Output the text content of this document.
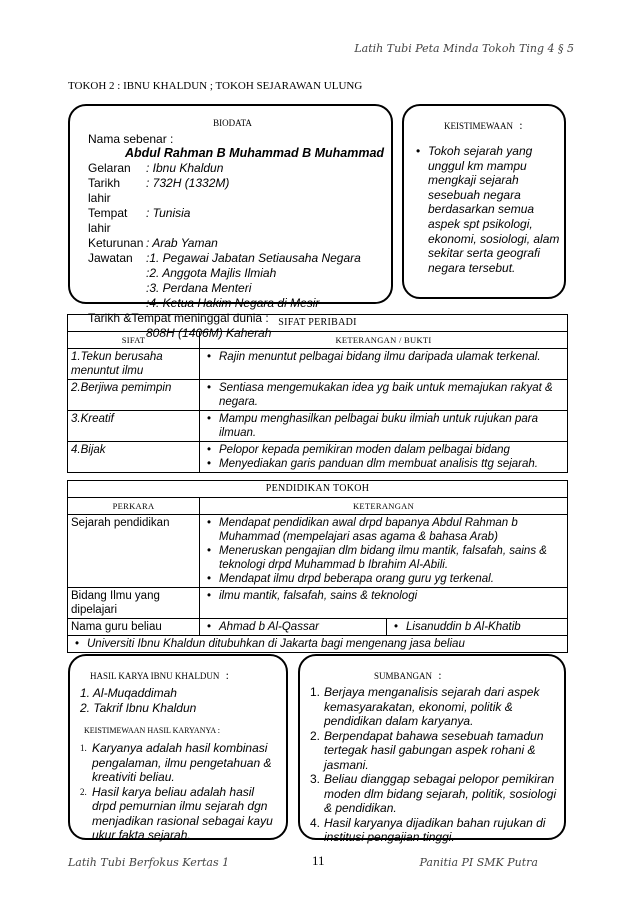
Latih Tubi Peta Minda Tokoh Ting 4 § 5
TOKOH 2 : IBNU KHALDUN ; TOKOH SEJARAWAN ULUNG
BIODATA
Nama sebenar :
Abdul Rahman B Muhammad B Muhammad
Gelaran	: Ibnu Khaldun
Tarikh lahir
: 732H (1332M)
Tempat lahir
: Tunisia
Keturunan : Arab Yaman
Jawatan	:1. Pegawai Jabatan Setiausaha Negara
:2. Anggota Majlis Ilmiah
:3. Perdana Menteri
:4. Ketua Hakim Negara di Mesir
Tarikh &Tempat meninggal dunia :
808H (1406M) Kaherah
KEISTIMEWAAN :
• Tokoh sejarah yang unggul km mampu mengkaji sejarah sesebuah negara berdasarkan semua aspek spt psikologi, ekonomi, sosiologi, alam sekitar serta geografi negara tersebut.
SIFAT PERIBADI	
SIFAT	KETERANGAN / BUKTI
1.Tekun berusaha menuntut ilmu	• Rajin menuntut pelbagai bidang ilmu daripada ulamak terkenal.

2.Berjiwa pemimpin	• Sentiasa mengemukakan idea yg baik untuk memajukan rakyat & negara.

3.Kreatif	• Mampu menghasilkan pelbagai buku ilmiah untuk rujukan para ilmuan.

4.Bijak	• Pelopor kepada pemikiran moden dalam pelbagai bidang
• Menyediakan garis panduan dlm membuat analisis ttg sejarah.
PENDIDIKAN TOKOH		
PERKARA	KETERANGAN	
Sejarah pendidikan	• Mendapat pendidikan awal drpd bapanya Abdul Rahman b Muhammad (mempelajari asas agama & bahasa Arab)
• Meneruskan pengajian dlm bidang ilmu mantik, falsafah, sains & teknologi drpd Muhammad b Ibrahim Al-Abili.
• Mendapat ilmu drpd beberapa orang guru yg terkenal.

Bidang Ilmu yang dipelajari	• ilmu mantik, falsafah, sains & teknologi

Nama guru beliau	• Ahmad b Al-Qassar	• Lisanuddin b Al-Khatib

• Universiti Ibnu Khaldun ditubuhkan di Jakarta bagi mengenang jasa beliau
HASIL KARYA IBNU KHALDUN :
1. Al-Muqaddimah
2. Takrif Ibnu Khaldun
KEISTIMEWAAN HASIL KARYANYA :
1. Karyanya adalah hasil kombinasi pengalaman, ilmu pengetahuan & kreativiti beliau.
2. Hasil karya beliau adalah hasil drpd pemurnian ilmu sejarah dgn menjadikan rasional sebagai kayu ukur fakta sejarah.
SUMBANGAN :
1. Berjaya menganalisis sejarah dari aspek kemasyarakatan, ekonomi, politik & pendidikan dalam karyanya.
2. Berpendapat bahawa sesebuah tamadun tertegak hasil gabungan aspek rohani & jasmani.
3. Beliau dianggap sebagai pelopor pemikiran moden dlm bidang sejarah, politik, sosiologi & pendidikan.
4. Hasil karyanya dijadikan bahan rujukan di institusi pengajian tinggi.
Latih Tubi Berfokus Kertas 1	11	Panitia PI SMK Putra
